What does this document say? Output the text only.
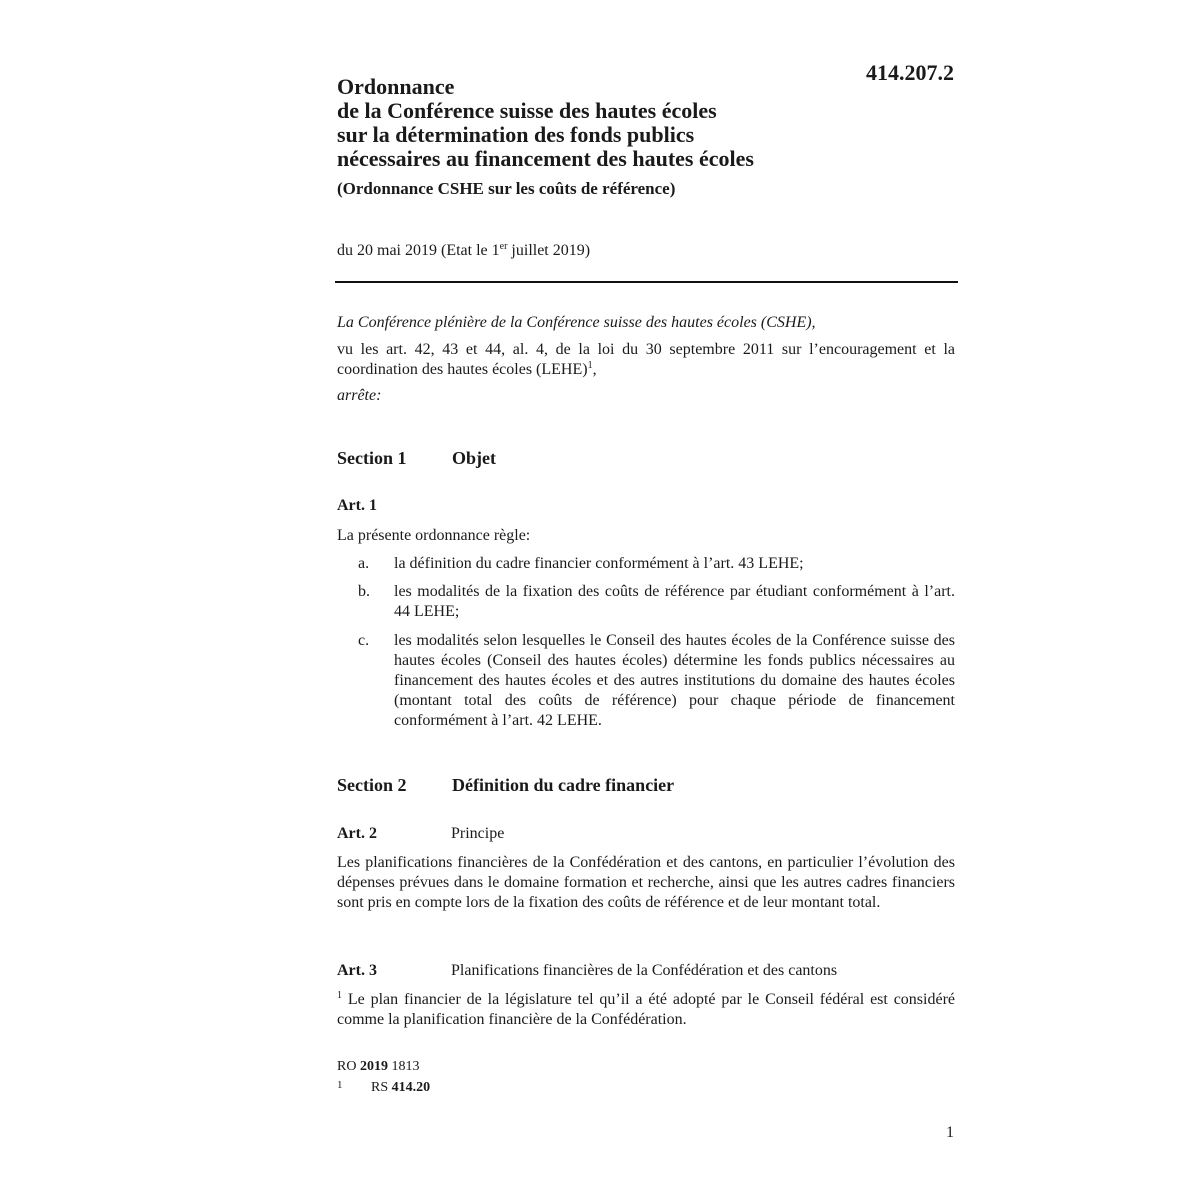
414.207.2
Ordonnance
de la Conférence suisse des hautes écoles
sur la détermination des fonds publics
nécessaires au financement des hautes écoles
(Ordonnance CSHE sur les coûts de référence)
du 20 mai 2019 (Etat le 1er juillet 2019)
La Conférence plénière de la Conférence suisse des hautes écoles (CSHE),
vu les art. 42, 43 et 44, al. 4, de la loi du 30 septembre 2011 sur l’encouragement et la coordination des hautes écoles (LEHE)$^1$,
arrête:
Section 1	Objet
Art. 1
La présente ordonnance règle:
a. la définition du cadre financier conformément à l’art. 43 LEHE;
b. les modalités de la fixation des coûts de référence par étudiant conformément à l’art. 44 LEHE;
c. les modalités selon lesquelles le Conseil des hautes écoles de la Conférence suisse des hautes écoles (Conseil des hautes écoles) détermine les fonds publics nécessaires au financement des hautes écoles et des autres institutions du domaine des hautes écoles (montant total des coûts de référence) pour chaque période de financement conformément à l’art. 42 LEHE.
Section 2	Définition du cadre financier
Art. 2	Principe
Les planifications financières de la Confédération et des cantons, en particulier l’évolution des dépenses prévues dans le domaine formation et recherche, ainsi que les autres cadres financiers sont pris en compte lors de la fixation des coûts de référence et de leur montant total.
Art. 3	Planifications financières de la Confédération et des cantons
$^1$ Le plan financier de la législature tel qu’il a été adopté par le Conseil fédéral est considéré comme la planification financière de la Confédération.
RO 2019 1813
1 RS 414.20
1
